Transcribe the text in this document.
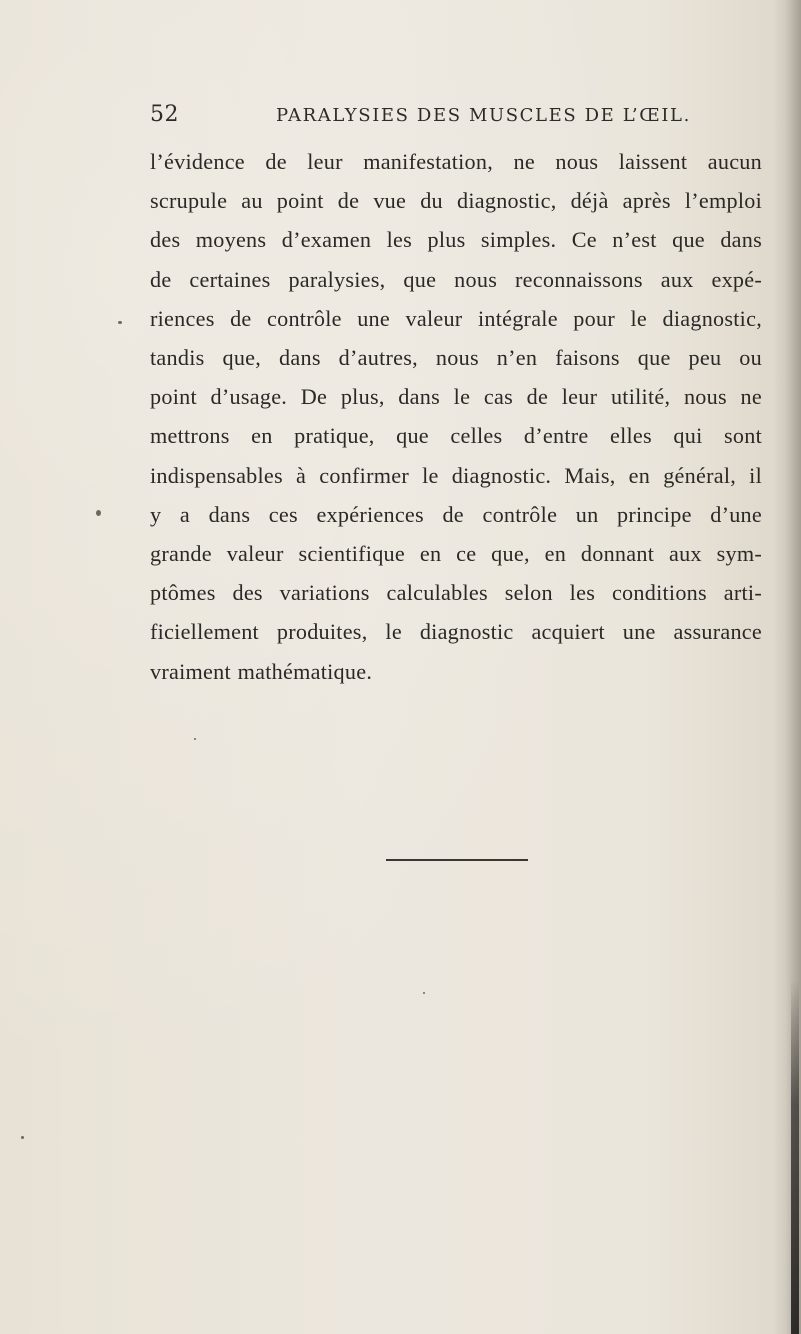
52	PARALYSIES DES MUSCLES DE L’ŒIL.
l’évidence de leur manifestation, ne nous laissent aucun
scrupule au point de vue du diagnostic, déjà après l’emploi
des moyens d’examen les plus simples. Ce n’est que dans
de certaines paralysies, que nous reconnaissons aux expé-
riences de contrôle une valeur intégrale pour le diagnostic,
tandis que, dans d’autres, nous n’en faisons que peu ou
point d’usage. De plus, dans le cas de leur utilité, nous ne
mettrons en pratique, que celles d’entre elles qui sont
indispensables à confirmer le diagnostic. Mais, en général, il
y a dans ces expériences de contrôle un principe d’une
grande valeur scientifique en ce que, en donnant aux sym-
ptômes des variations calculables selon les conditions arti-
ficiellement produites, le diagnostic acquiert une assurance
vraiment mathématique.
